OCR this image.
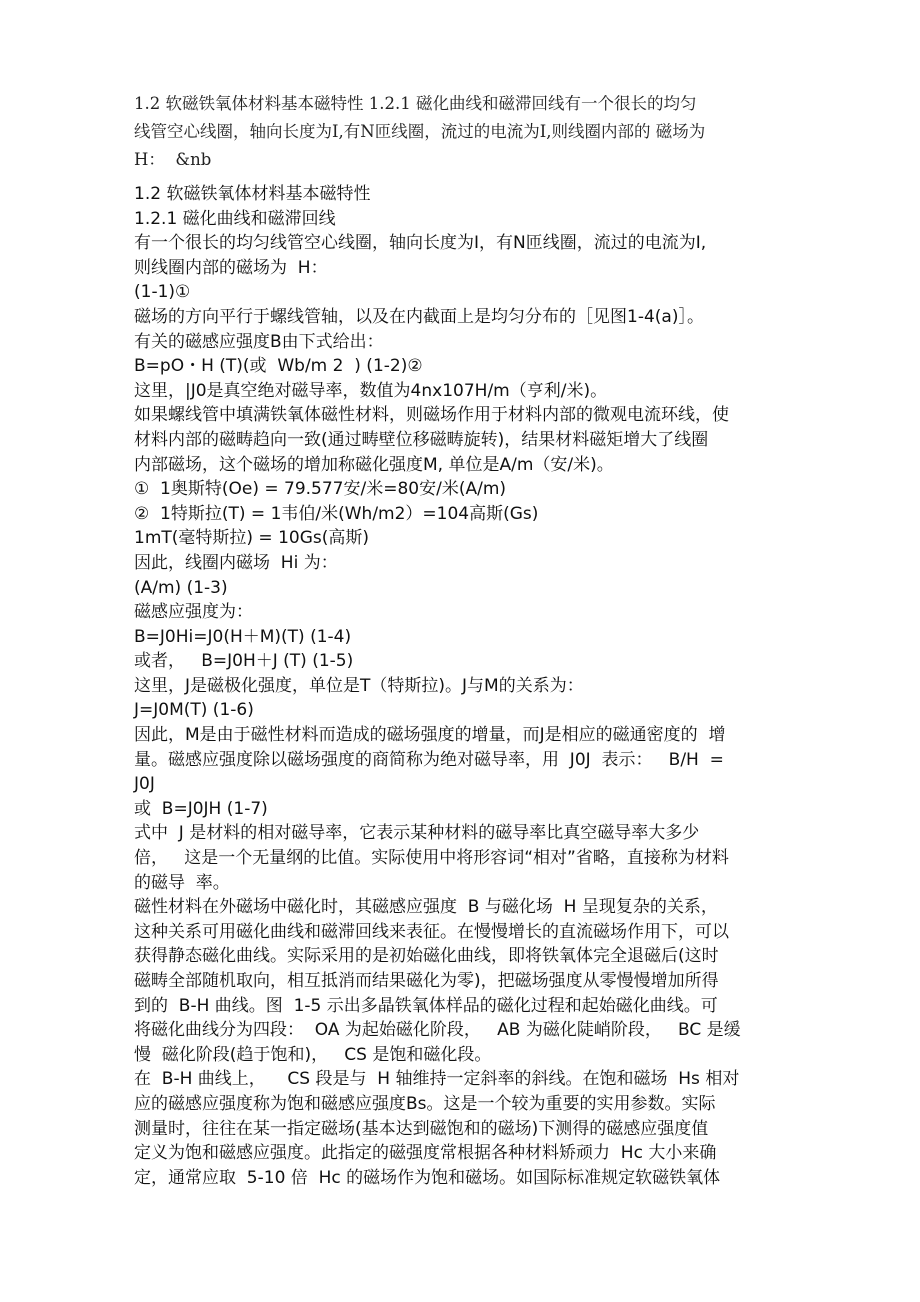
1.2 软磁铁氧体材料基本磁特性 1.2.1 磁化曲线和磁滞回线有一个很长的均匀
线管空心线圈，轴向长度为I,有N匝线圈，流过的电流为I,则线圈内部的 磁场为
H：  &nb
1.2 软磁铁氧体材料基本磁特性
1.2.1 磁化曲线和磁滞回线
有一个很长的均匀线管空心线圈，轴向长度为I，有N匝线圈，流过的电流为I,
则线圈内部的磁场为  H：
(1-1)①
磁场的方向平行于螺线管轴，以及在内截面上是均匀分布的［见图1-4(a)］。
有关的磁感应强度B由下式给出：
B=pO・H (T)(或  Wb/m 2  ) (1-2)②
这里，|J0是真空绝对磁导率，数值为4nx107H/m（亨利/米)。
如果螺线管中填满铁氧体磁性材料，则磁场作用于材料内部的微观电流环线，使
材料内部的磁畴趋向一致(通过畴壁位移磁畴旋转)，结果材料磁矩增大了线圈
内部磁场，这个磁场的增加称磁化强度M, 单位是A/m（安/米)。
①  1奥斯特(Oe) = 79.577安/米=80安/米(A/m)
②  1特斯拉(T) = 1韦伯/米(Wh/m2）=104高斯(Gs)
1mT(毫特斯拉) = 10Gs(高斯)
因此，线圈内磁场  Hi 为：
(A/m) (1-3)
磁感应强度为：
B=J0Hi=J0(H＋M)(T) (1-4)
或者，   B=J0H＋J (T) (1-5)
这里，J是磁极化强度，单位是T（特斯拉)。J与M的关系为：
J=J0M(T) (1-6)
因此，M是由于磁性材料而造成的磁场强度的增量，而J是相应的磁通密度的  增
量。磁感应强度除以磁场强度的商简称为绝对磁导率，用  J0J  表示：   B/H  =
J0J
或  B=J0JH (1-7)
式中  J 是材料的相对磁导率，它表示某种材料的磁导率比真空磁导率大多少
倍，   这是一个无量纲的比值。实际使用中将形容词“相对”省略，直接称为材料
的磁导  率。
磁性材料在外磁场中磁化时，其磁感应强度  B 与磁化场  H 呈现复杂的关系，
这种关系可用磁化曲线和磁滞回线来表征。在慢慢增长的直流磁场作用下，可以
获得静态磁化曲线。实际采用的是初始磁化曲线，即将铁氧体完全退磁后(这时
磁畴全部随机取向，相互抵消而结果磁化为零)，把磁场强度从零慢慢增加所得
到的  B-H 曲线。图  1-5 示出多晶铁氧体样品的磁化过程和起始磁化曲线。可
将磁化曲线分为四段：  OA 为起始磁化阶段，   AB 为磁化陡峭阶段，   BC 是缓
慢  磁化阶段(趋于饱和)，   CS 是饱和磁化段。
在  B-H 曲线上，    CS 段是与  H 轴维持一定斜率的斜线。在饱和磁场  Hs 相对
应的磁感应强度称为饱和磁感应强度Bs。这是一个较为重要的实用参数。实际
测量时，往往在某一指定磁场(基本达到磁饱和的磁场)下测得的磁感应强度值
定义为饱和磁感应强度。此指定的磁强度常根据各种材料矫顽力  Hc 大小来确
定，通常应取  5-10 倍  Hc 的磁场作为饱和磁场。如国际标准规定软磁铁氧体
